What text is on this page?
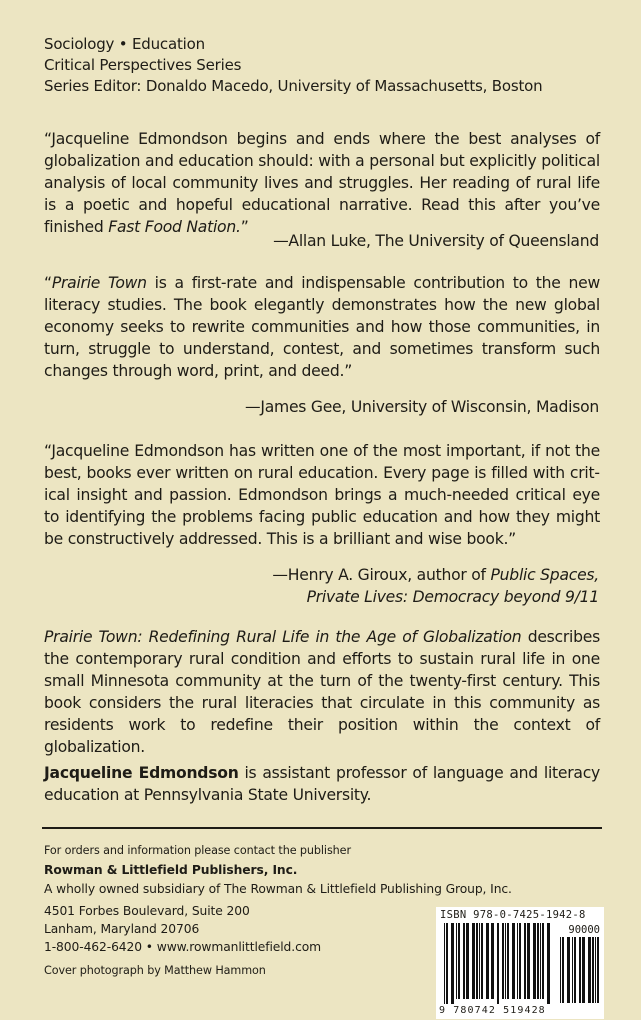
Sociology • Education
Critical Perspectives Series
Series Editor: Donaldo Macedo, University of Massachusetts, Boston
“Jacqueline Edmondson begins and ends where the best analyses of globalization and education should: with a personal but explicitly political analysis of local community lives and struggles. Her reading of rural life is a poetic and hopeful educational narrative. Read this after you’ve finished Fast Food Nation.”
—Allan Luke, The University of Queensland
“Prairie Town is a first-rate and indispensable contribution to the new literacy studies. The book elegantly demonstrates how the new global economy seeks to rewrite communities and how those communities, in turn, struggle to understand, contest, and sometimes transform such changes through word, print, and deed.”
—James Gee, University of Wisconsin, Madison
“Jacqueline Edmondson has written one of the most important, if not the best, books ever written on rural education. Every page is filled with critical insight and passion. Edmondson brings a much-needed critical eye to identifying the problems facing public education and how they might be constructively addressed. This is a brilliant and wise book.”
—Henry A. Giroux, author of Public Spaces,
Private Lives: Democracy beyond 9/11
Prairie Town: Redefining Rural Life in the Age of Globalization describes the contemporary rural condition and efforts to sustain rural life in one small Minnesota community at the turn of the twenty-first century. This book considers the rural literacies that circulate in this community as residents work to redefine their position within the context of globalization.
Jacqueline Edmondson is assistant professor of language and literacy education at Pennsylvania State University.
For orders and information please contact the publisher
Rowman & Littlefield Publishers, Inc.
A wholly owned subsidiary of The Rowman & Littlefield Publishing Group, Inc.
4501 Forbes Boulevard, Suite 200
Lanham, Maryland 20706
1-800-462-6420 • www.rowmanlittlefield.com
Cover photograph by Matthew Hammon
ISBN 978-0-7425-1942-8
90000
9 780742 519428
